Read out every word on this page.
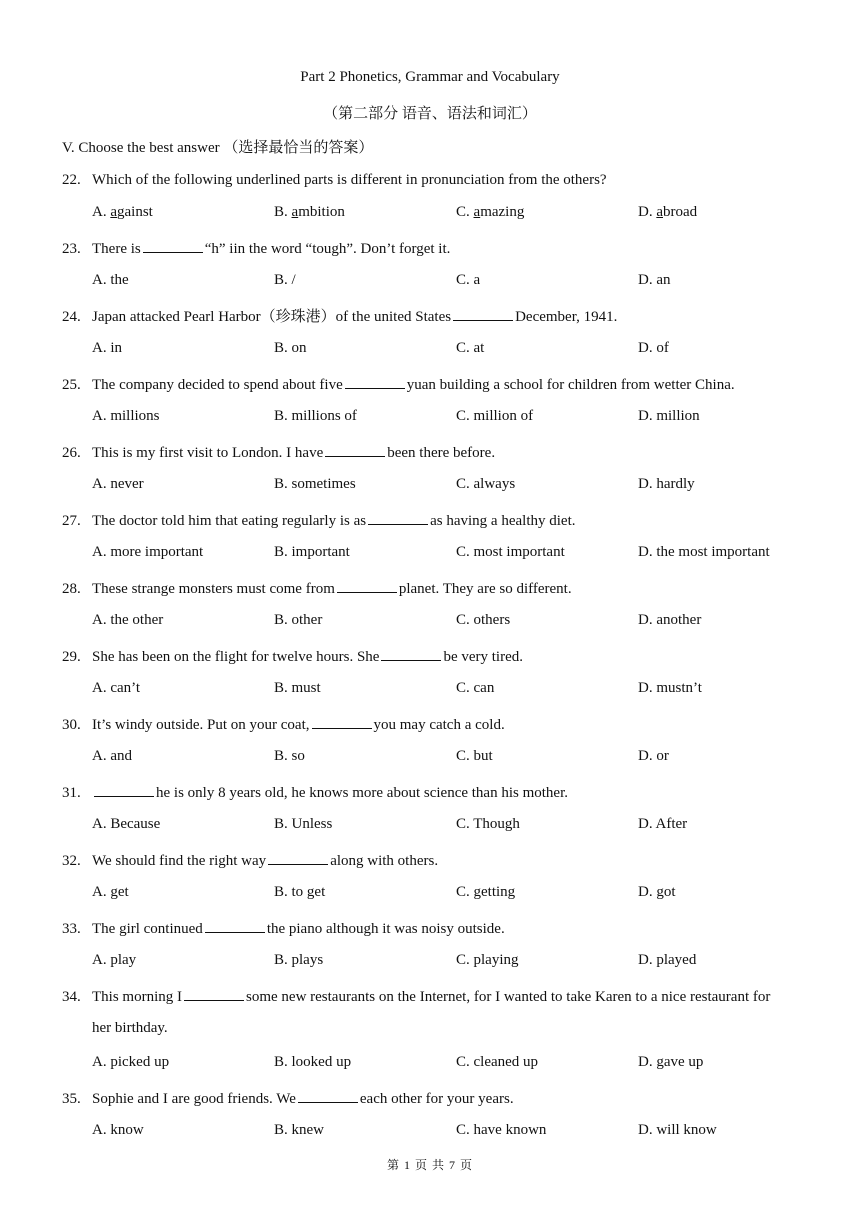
Part 2 Phonetics, Grammar and Vocabulary
（第二部分 语音、语法和词汇）
V. Choose the best answer （选择最恰当的答案）
22. Which of the following underlined parts is different in pronunciation from the others?
A. against	B. ambition	C. amazing	D. abroad
23. There is	“h” iin the word “tough”. Don’t forget it.
A. the	B. /	C. a	D. an
24. Japan attacked Pearl Harbor（珍珠港）of the united States	December, 1941.
A. in	B. on	C. at	D. of
25. The company decided to spend about five	yuan building a school for children from wetter China.
A. millions	B. millions of	C. million of	D. million
26. This is my first visit to London. I have	been there before.
A. never	B. sometimes	C. always	D. hardly
27. The doctor told him that eating regularly is as	as having a healthy diet.
A. more important	B. important	C. most important	D. the most important
28. These strange monsters must come from	planet. They are so different.
A. the other	B. other	C. others	D. another
29. She has been on the flight for twelve hours. She	be very tired.
A. can’t	B. must	C. can	D. mustn’t
30. It’s windy outside. Put on your coat,	you may catch a cold.
A. and	B. so	C. but	D. or
31.	he is only 8 years old, he knows more about science than his mother.
A. Because	B. Unless	C. Though	D. After
32. We should find the right way	along with others.
A. get	B. to get	C. getting	D. got
33. The girl continued	the piano although it was noisy outside.
A. play	B. plays	C. playing	D. played
34. This morning I	some new restaurants on the Internet, for I wanted to take Karen to a nice restaurant for
her birthday.
A. picked up	B. looked up	C. cleaned up	D. gave up
35. Sophie and I are good friends. We	each other for your years.
A. know	B. knew	C. have known	D. will know
第 1 页 共 7 页
